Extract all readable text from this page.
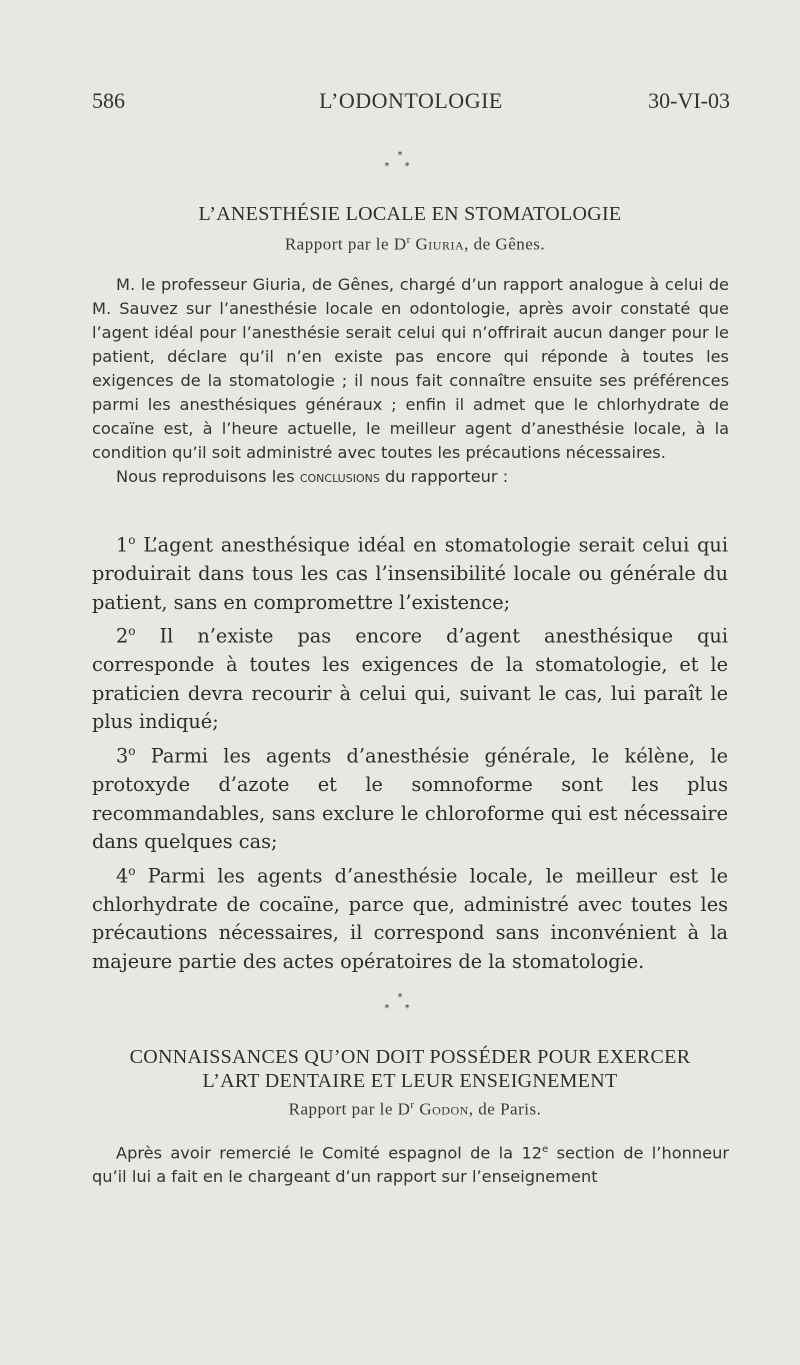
586	L’ODONTOLOGIE	30-VI-03
*
* *
L’ANESTHÉSIE LOCALE EN STOMATOLOGIE
Rapport par le $D^r$ Giuria, de Gênes.

M. le professeur Giuria, de Gênes, chargé d’un rapport analogue à celui de M. Sauvez sur l’anesthésie locale en odontologie, après avoir constaté que l’agent idéal pour l’anesthésie serait celui qui n’offrirait aucun danger pour le patient, déclare qu’il n’en existe pas encore qui réponde à toutes les exigences de la stomatologie ; il nous fait connaître ensuite ses préférences parmi les anesthésiques généraux ; enfin il admet que le chlorhydrate de cocaïne est, à l’heure actuelle, le meilleur agent d’anesthésie locale, à la condition qu’il soit administré avec toutes les précautions nécessaires.

Nous reproduisons les conclusions du rapporteur :

1$^o$ L’agent anesthésique idéal en stomatologie serait celui qui produirait dans tous les cas l’insensibilité locale ou générale du patient, sans en compromettre l’existence;

2$^o$ Il n’existe pas encore d’agent anesthésique qui corresponde à toutes les exigences de la stomatologie, et le praticien devra recourir à celui qui, suivant le cas, lui paraît le plus indiqué;

3$^o$ Parmi les agents d’anesthésie générale, le kélène, le protoxyde d’azote et le somnoforme sont les plus recommandables, sans exclure le chloroforme qui est nécessaire dans quelques cas;

4$^o$ Parmi les agents d’anesthésie locale, le meilleur est le chlorhydrate de cocaïne, parce que, administré avec toutes les précautions nécessaires, il correspond sans inconvénient à la majeure partie des actes opératoires de la stomatologie.

*
* *
CONNAISSANCES QU’ON DOIT POSSÉDER POUR EXERCER
L’ART DENTAIRE ET LEUR ENSEIGNEMENT
Rapport par le $D^r$ Godon, de Paris.

Après avoir remercié le Comité espagnol de la 12e section de l’honneur qu’il lui a fait en le chargeant d’un rapport sur l’enseignement
